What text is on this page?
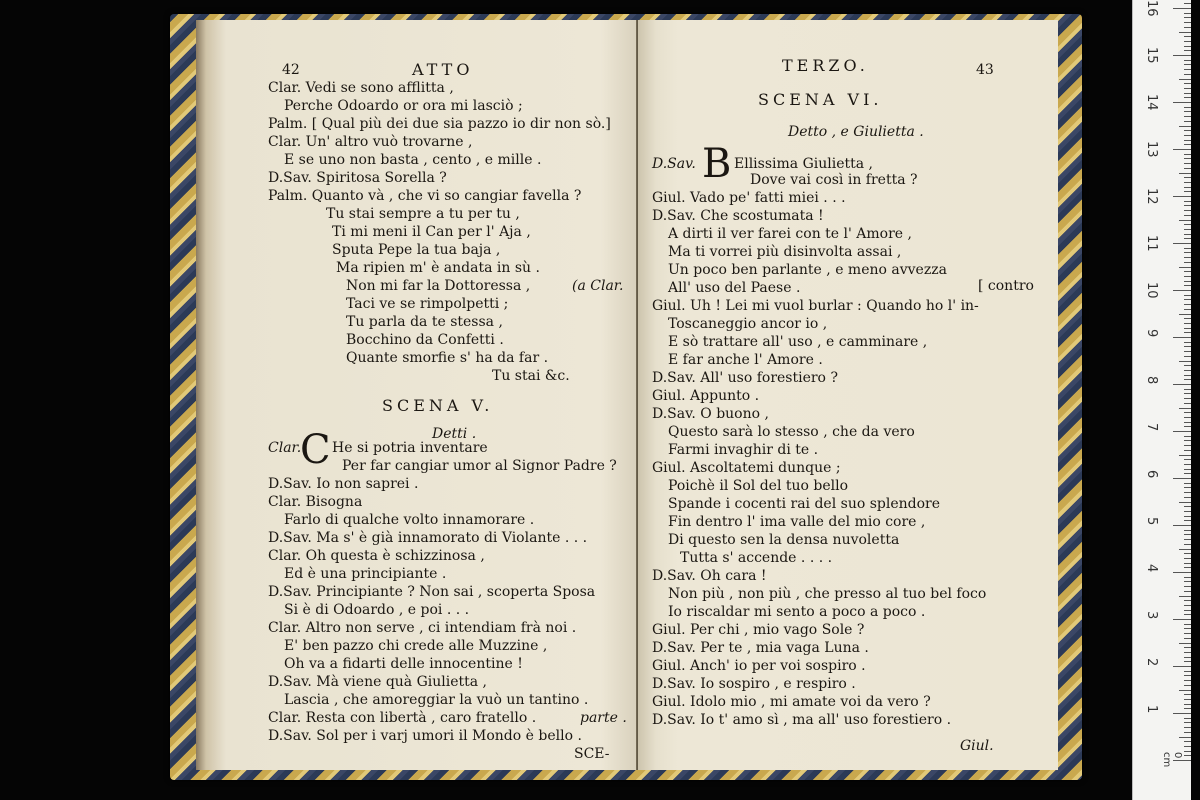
42	ATTO
Clar. Vedi se sono afflitta ,
Perche Odoardo or ora mi lasciò ;
Palm. [ Qual più dei due sia pazzo io dir non sò.]
Clar. Un' altro vuò trovarne ,
E se uno non basta , cento , e mille .
D.Sav. Spiritosa Sorella ?
Palm. Quanto và , che vi so cangiar favella ?
Tu stai sempre a tu per tu ,
Ti mi meni il Can per l' Aja ,
Sputa Pepe la tua baja ,
Ma ripien m' è andata in sù .
Non mi far la Dottoressa ,	(a Clar.
Taci ve se rimpolpetti ;
Tu parla da te stessa ,
Bocchino da Confetti .
Quante smorfie s' ha da far .
Tu stai &c.
SCENA V.
Detti .
Clar.
C He si potria inventare
Per far cangiar umor al Signor Padre ?
D.Sav. Io non saprei .
Clar. Bisogna
Farlo di qualche volto innamorare .
D.Sav. Ma s' è già innamorato di Violante . . .
Clar. Oh questa è schizzinosa ,
Ed è una principiante .
D.Sav. Principiante ? Non sai , scoperta Sposa
Si è di Odoardo , e poi . . .
Clar. Altro non serve , ci intendiam frà noi .
E' ben pazzo chi crede alle Muzzine ,
Oh va a fidarti delle innocentine !
D.Sav. Mà viene quà Giulietta ,
Lascia , che amoreggiar la vuò un tantino .
Clar. Resta con libertà , caro fratello .	parte .
D.Sav. Sol per i varj umori il Mondo è bello .
SCE-
TERZO.	43
SCENA VI.
Detto , e Giulietta .
D.Sav. B Ellissima Giulietta ,
Dove vai così in fretta ?
Giul. Vado pe' fatti miei . . .
D.Sav. Che scostumata !
A dirti il ver farei con te l' Amore ,
Ma ti vorrei più disinvolta assai ,
Un poco ben parlante , e meno avvezza
All' uso del Paese .	[ contro
Giul. Uh ! Lei mi vuol burlar : Quando ho l' in-
Toscaneggio ancor io ,
E sò trattare all' uso , e camminare ,
E far anche l' Amore .
D.Sav. All' uso forestiero ?
Giul. Appunto .
D.Sav. O buono ,
Questo sarà lo stesso , che da vero
Farmi invaghir di te .
Giul. Ascoltatemi dunque ;
Poichè il Sol del tuo bello
Spande i cocenti rai del suo splendore
Fin dentro l' ima valle del mio core ,
Di questo sen la densa nuvoletta
Tutta s' accende . . . .
D.Sav. Oh cara !
Non più , non più , che presso al tuo bel foco
Io riscaldar mi sento a poco a poco .
Giul. Per chi , mio vago Sole ?
D.Sav. Per te , mia vaga Luna .
Giul. Anch' io per voi sospiro .
D.Sav. Io sospiro , e respiro .
Giul. Idolo mio , mi amate voi da vero ?
D.Sav. Io t' amo sì , ma all' uso forestiero .
Giul.
1
2
3
4
5
6
7
8
9
10
11
12
13
14
15
16
0 cm
